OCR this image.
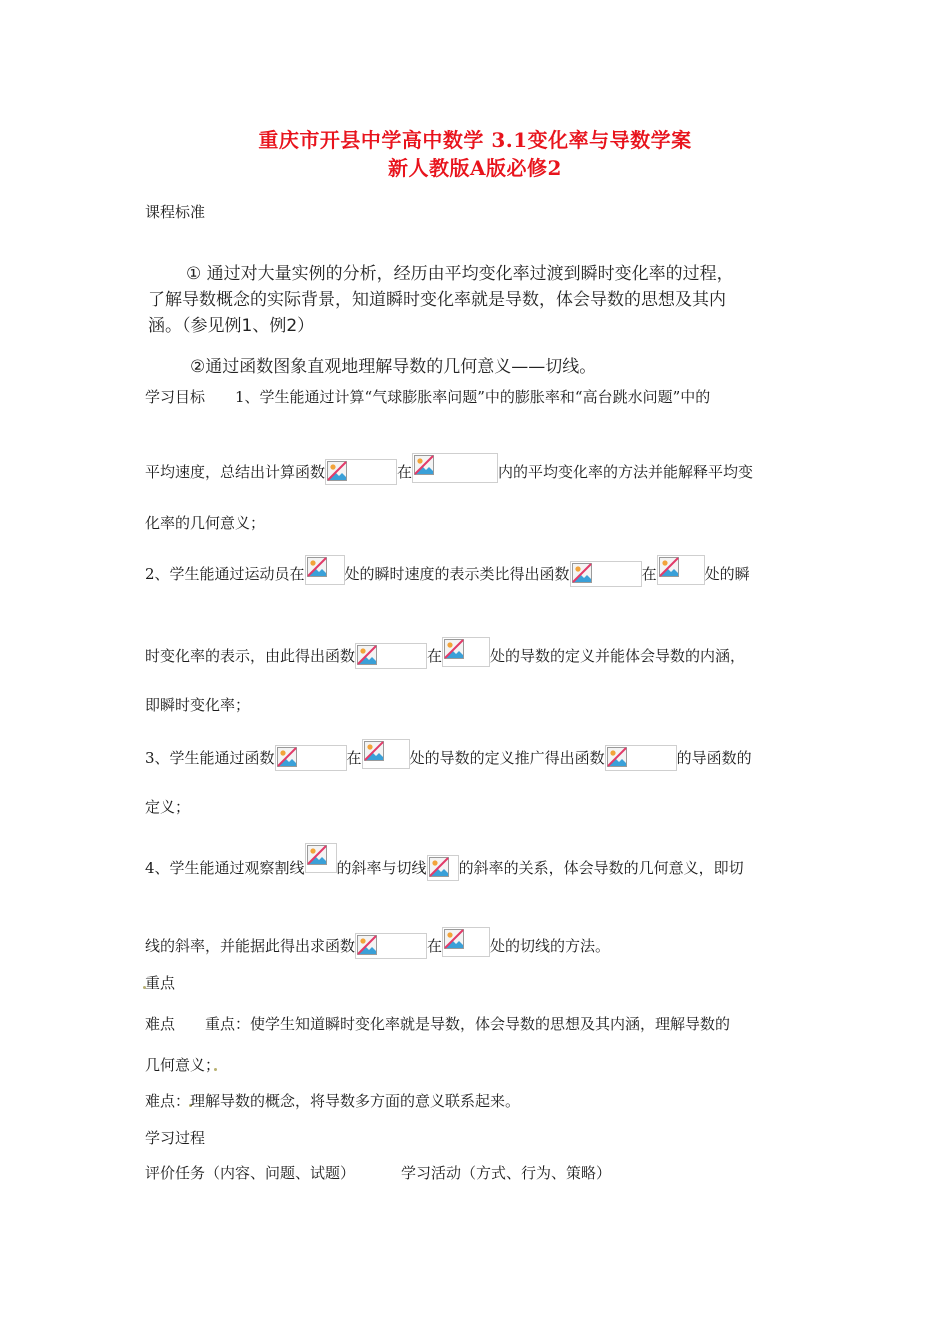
重庆市开县中学高中数学 3.1变化率与导数学案
新人教版A版必修2
课程标准
① 通过对大量实例的分析，经历由平均变化率过渡到瞬时变化率的过程，
了解导数概念的实际背景，知道瞬时变化率就是导数，体会导数的思想及其内
涵。（参见例1、例2）
②通过函数图象直观地理解导数的几何意义——切线。
学习目标 1、学生能通过计算“气球膨胀率问题”中的膨胀率和“高台跳水问题”中的
平均速度，总结出计算函数	在	内的平均变化率的方法并能解释平均变
化率的几何意义；
2、学生能通过运动员在	处的瞬时速度的表示类比得出函数	在	处的瞬
时变化率的表示，由此得出函数	在	处的导数的定义并能体会导数的内涵，
即瞬时变化率；
3、学生能通过函数	在	处的导数的定义推广得出函数	的导函数的
定义；
4、学生能通过观察割线 的斜率与切线 的斜率的关系，体会导数的几何意义，即切
线的斜率，并能据此得出求函数	在	处的切线的方法。
重点
难点 重点：使学生知道瞬时变化率就是导数，体会导数的思想及其内涵，理解导数的
几何意义；
难点：理解导数的概念，将导数多方面的意义联系起来。
学习过程
评价任务（内容、问题、试题）	学习活动（方式、行为、策略）
